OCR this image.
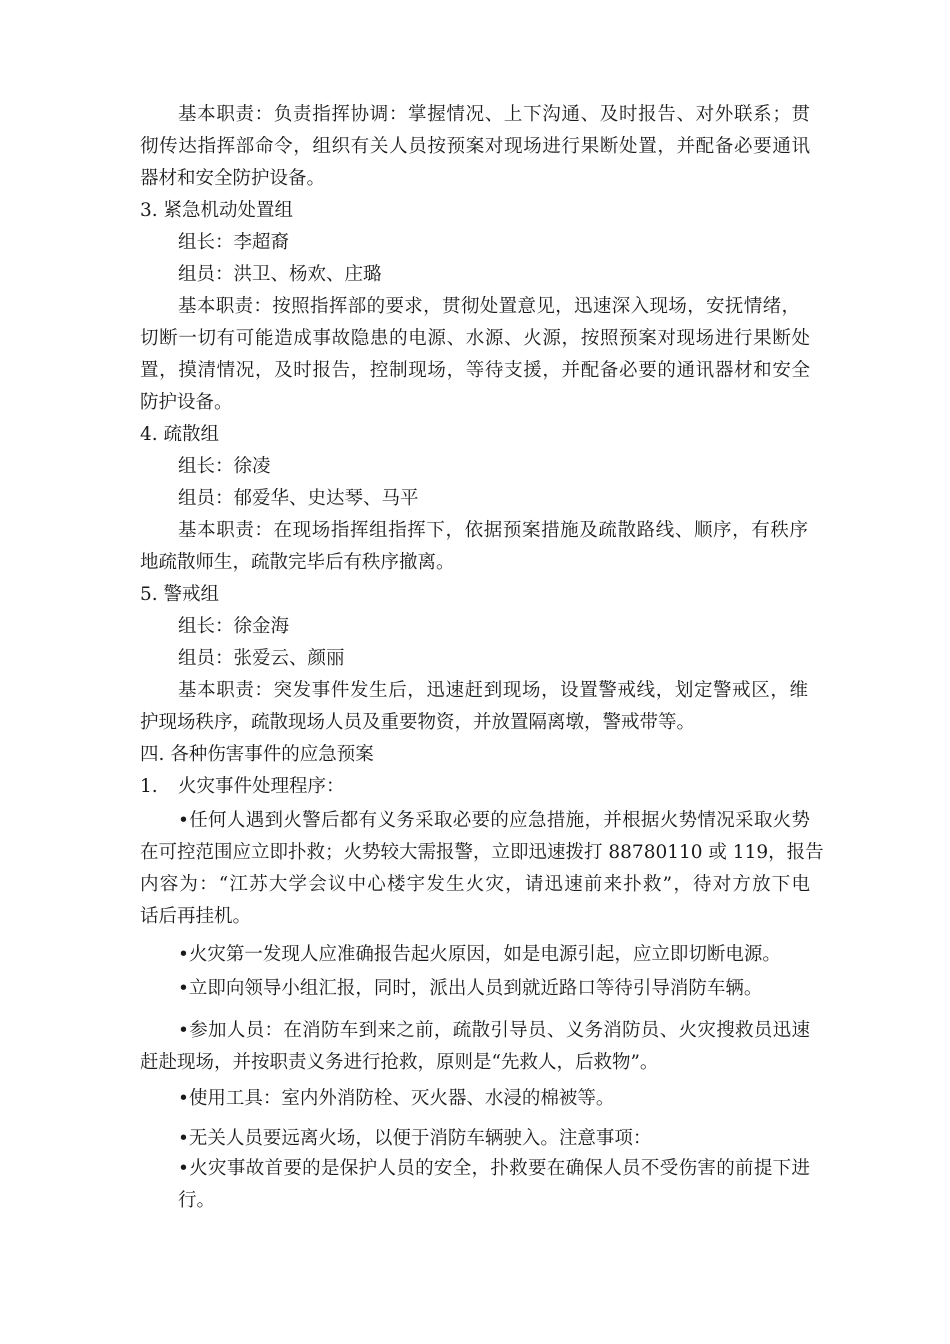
基本职责：负责指挥协调：掌握情况、上下沟通、及时报告、对外联系；贯
彻传达指挥部命令，组织有关人员按预案对现场进行果断处置，并配备必要通讯
器材和安全防护设备。
3. 紧急机动处置组
组长：李超裔
组员：洪卫、杨欢、庄璐
基本职责：按照指挥部的要求，贯彻处置意见，迅速深入现场，安抚情绪，
切断一切有可能造成事故隐患的电源、水源、火源，按照预案对现场进行果断处
置，摸清情况，及时报告，控制现场，等待支援，并配备必要的通讯器材和安全
防护设备。
4. 疏散组
组长：徐凌
组员：郁爱华、史达琴、马平
基本职责：在现场指挥组指挥下，依据预案措施及疏散路线、顺序，有秩序
地疏散师生，疏散完毕后有秩序撤离。
5. 警戒组
组长：徐金海
组员：张爱云、颜丽
基本职责：突发事件发生后，迅速赶到现场，设置警戒线，划定警戒区，维
护现场秩序，疏散现场人员及重要物资，并放置隔离墩，警戒带等。
四. 各种伤害事件的应急预案
1. 火灾事件处理程序：
•任何人遇到火警后都有义务采取必要的应急措施，并根据火势情况采取火势
在可控范围应立即扑救；火势较大需报警，立即迅速拨打 88780110 或 119，报告
内容为：“江苏大学会议中心楼宇发生火灾，请迅速前来扑救”，待对方放下电
话后再挂机。
•火灾第一发现人应准确报告起火原因，如是电源引起，应立即切断电源。
•立即向领导小组汇报，同时，派出人员到就近路口等待引导消防车辆。
•参加人员：在消防车到来之前，疏散引导员、义务消防员、火灾搜救员迅速
赶赴现场，并按职责义务进行抢救，原则是“先救人，后救物”。
•使用工具：室内外消防栓、灭火器、水浸的棉被等。
•无关人员要远离火场，以便于消防车辆驶入。注意事项：
•火灾事故首要的是保护人员的安全，扑救要在确保人员不受伤害的前提下进
行。
